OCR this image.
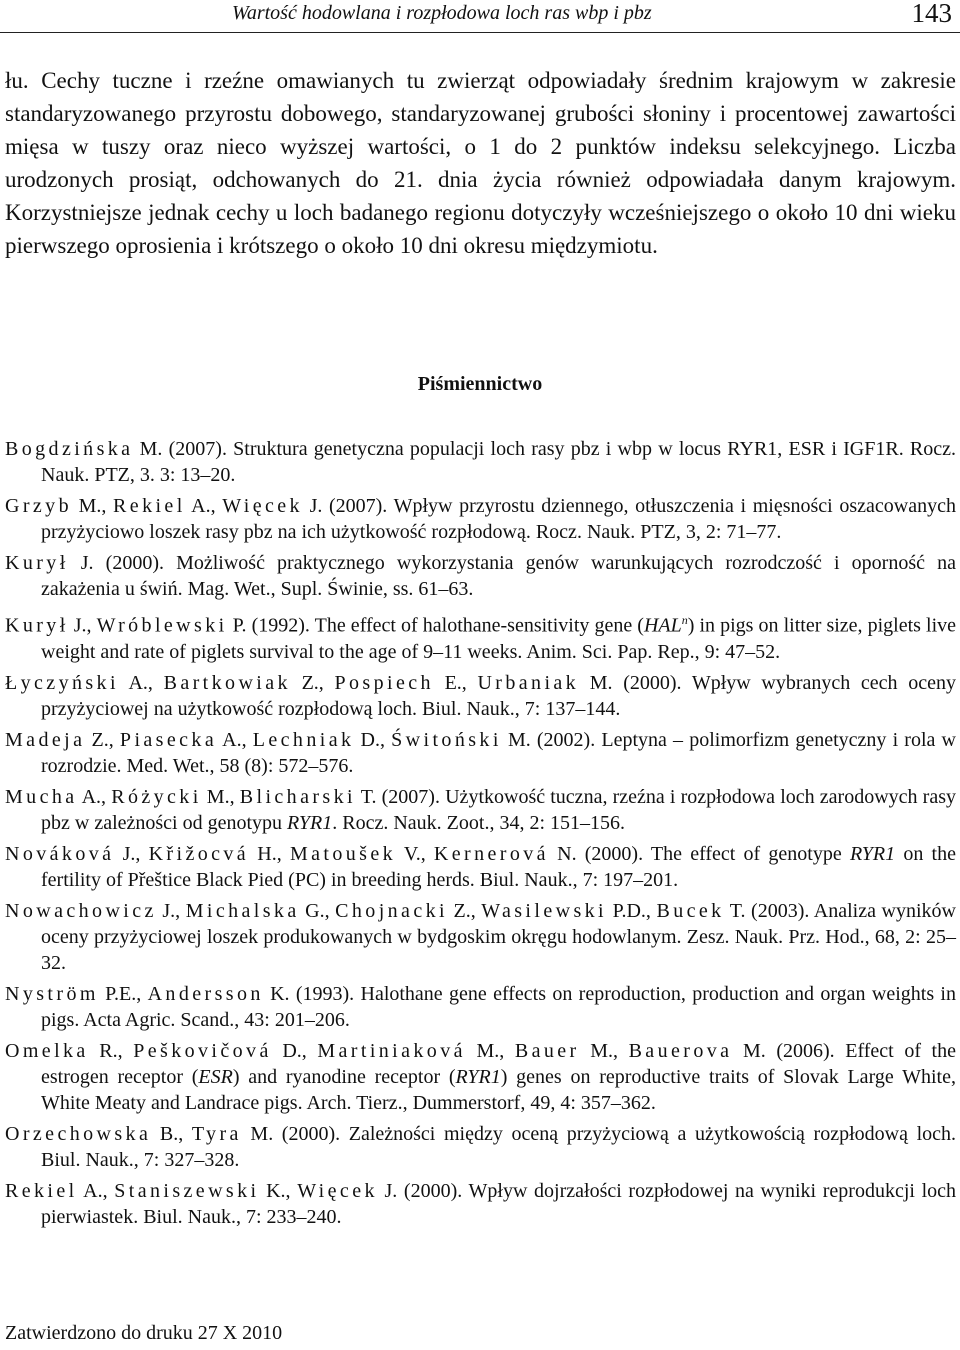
Wartość hodowlana i rozpłodowa loch ras wbp i pbz	143

łu. Cechy tuczne i rzeźne omawianych tu zwierząt odpowiadały średnim krajowym w zakresie standaryzowanego przyrostu dobowego, standaryzowanej grubości słoniny i procentowej zawartości mięsa w tuszy oraz nieco wyższej wartości, o 1 do 2 punktów indeksu selekcyjnego. Liczba urodzonych prosiąt, odchowanych do 21. dnia życia również odpowiadała danym krajowym. Korzystniejsze jednak cechy u loch badanego regionu dotyczyły wcześniejszego o około 10 dni wieku pierwszego oprosienia i krótszego o około 10 dni okresu międzymiotu.

Piśmiennictwo

Bogdzińska M. (2007). Struktura genetyczna populacji loch rasy pbz i wbp w locus RYR1, ESR i IGF1R. Rocz. Nauk. PTZ, 3. 3: 13–20.

Grzyb M., Rekiel A., Więcek J. (2007). Wpływ przyrostu dziennego, otłuszczenia i mięsności oszacowanych przyżyciowo loszek rasy pbz na ich użytkowość rozpłodową. Rocz. Nauk. PTZ, 3, 2: 71–77.

Kurył J. (2000). Możliwość praktycznego wykorzystania genów warunkujących rozrodczość i oporność na zakażenia u świń. Mag. Wet., Supl. Świnie, ss. 61–63.

Kurył J., Wróblewski P. (1992). The effect of halothane-sensitivity gene (HAL$^n$) in pigs on litter size, piglets live weight and rate of piglets survival to the age of 9–11 weeks. Anim. Sci. Pap. Rep., 9: 47–52.

Łyczyński A., Bartkowiak Z., Pospiech E., Urbaniak M. (2000). Wpływ wybranych cech oceny przyżyciowej na użytkowość rozpłodową loch. Biul. Nauk., 7: 137–144.

Madeja Z., Piasecka A., Lechniak D., Świtoński M. (2002). Leptyna – polimorfizm genetyczny i rola w rozrodzie. Med. Wet., 58 (8): 572–576.

Mucha A., Różycki M., Blicharski T. (2007). Użytkowość tuczna, rzeźna i rozpłodowa loch zarodowych rasy pbz w zależności od genotypu RYR1. Rocz. Nauk. Zoot., 34, 2: 151–156.

Nováková J., Křižocvá H., Matoušek V., Kernerová N. (2000). The effect of genotype RYR1 on the fertility of Přeštice Black Pied (PC) in breeding herds. Biul. Nauk., 7: 197–201.

Nowachowicz J., Michalska G., Chojnacki Z., Wasilewski P.D., Bucek T. (2003). Analiza wyników oceny przyżyciowej loszek produkowanych w bydgoskim okręgu hodowlanym. Zesz. Nauk. Prz. Hod., 68, 2: 25–32.

Nyström P.E., Andersson K. (1993). Halothane gene effects on reproduction, production and organ weights in pigs. Acta Agric. Scand., 43: 201–206.

Omelka R., Peškovičová D., Martiniaková M., Bauer M., Bauerova M. (2006). Effect of the estrogen receptor (ESR) and ryanodine receptor (RYR1) genes on reproductive traits of Slovak Large White, White Meaty and Landrace pigs. Arch. Tierz., Dummerstorf, 49, 4: 357–362.

Orzechowska B., Tyra M. (2000). Zależności między oceną przyżyciową a użytkowością rozpłodową loch. Biul. Nauk., 7: 327–328.

Rekiel A., Staniszewski K., Więcek J. (2000). Wpływ dojrzałości rozpłodowej na wyniki reprodukcji loch pierwiastek. Biul. Nauk., 7: 233–240.

Zatwierdzono do druku 27 X 2010
